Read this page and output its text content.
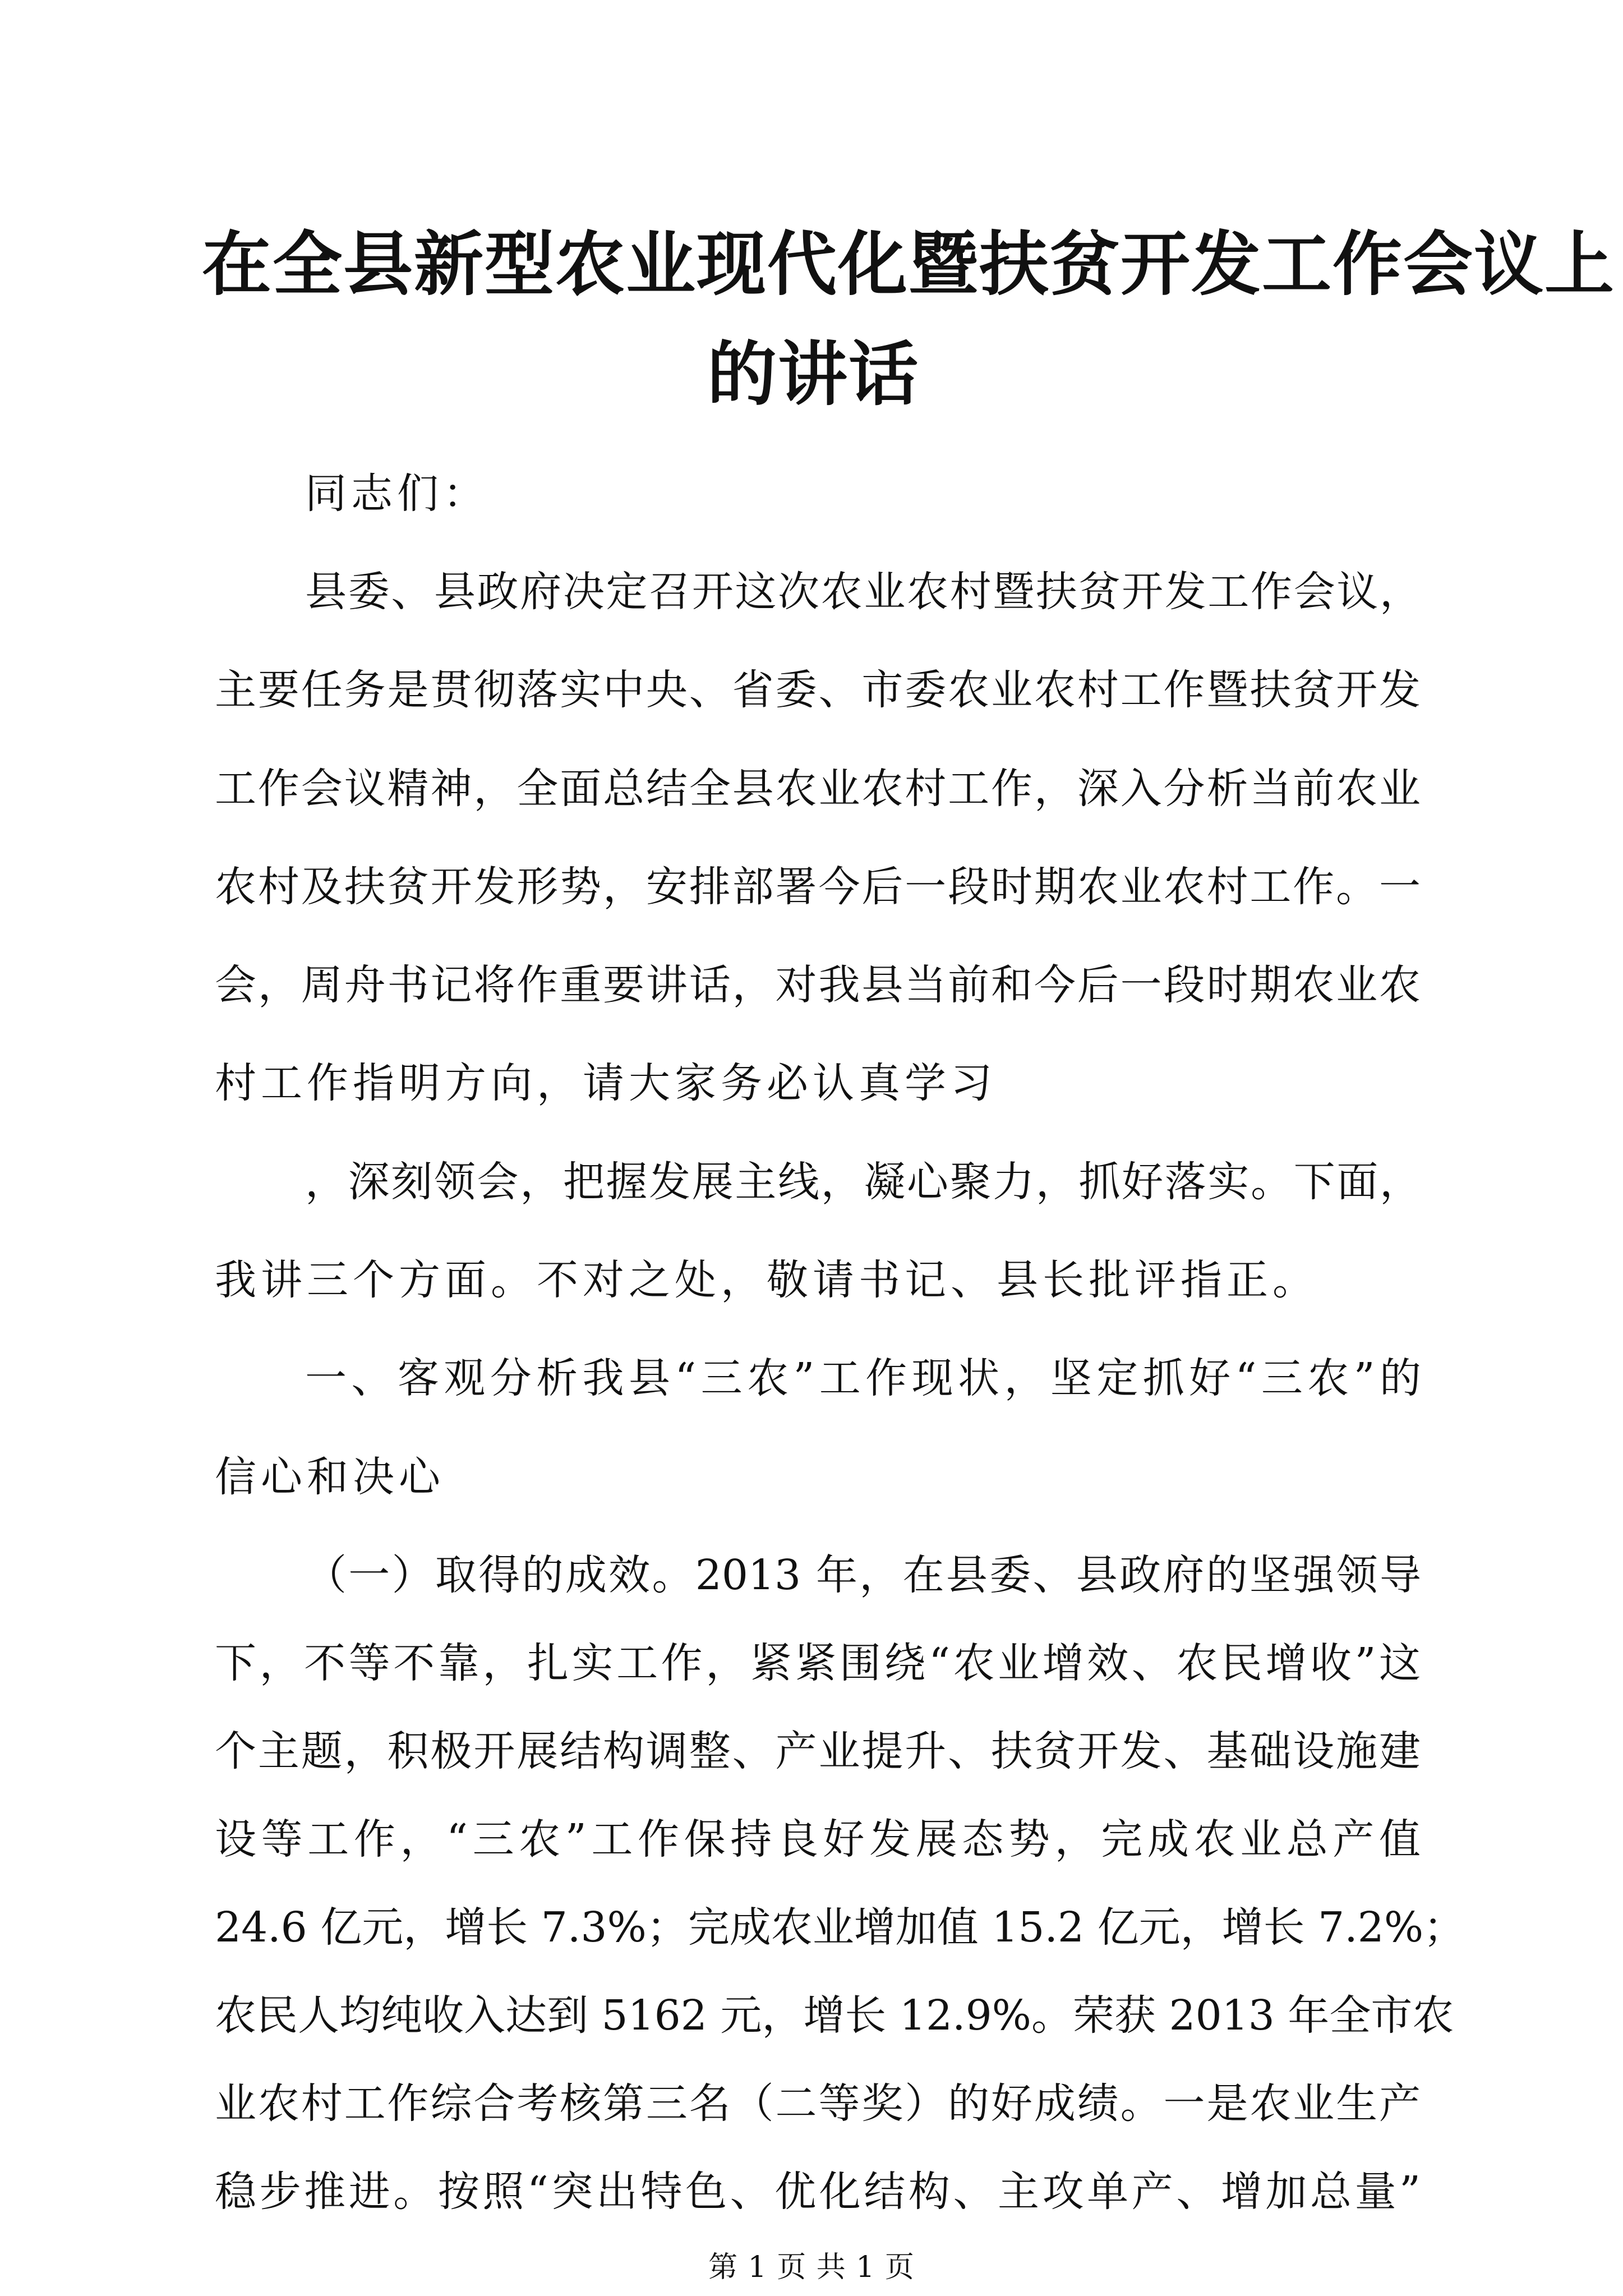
在全县新型农业现代化暨扶贫开发工作会议上
的讲话
同志们：
县委、县政府决定召开这次农业农村暨扶贫开发工作会议，
主要任务是贯彻落实中央、省委、市委农业农村工作暨扶贫开发
工作会议精神，全面总结全县农业农村工作，深入分析当前农业
农村及扶贫开发形势，安排部署今后一段时期农业农村工作。一
会，周舟书记将作重要讲话，对我县当前和今后一段时期农业农
村工作指明方向，请大家务必认真学习
，深刻领会，把握发展主线，凝心聚力，抓好落实。下面，
我讲三个方面。不对之处，敬请书记、县长批评指正。
一、客观分析我县“三农”工作现状，坚定抓好“三农”的
信心和决心
（一）取得的成效。2013 年，在县委、县政府的坚强领导
下，不等不靠，扎实工作，紧紧围绕“农业增效、农民增收”这
个主题，积极开展结构调整、产业提升、扶贫开发、基础设施建
设等工作，“三农”工作保持良好发展态势，完成农业总产值
24.6 亿元，增长 7.3%；完成农业增加值 15.2 亿元，增长 7.2%；
第 1 页 共 1 页
农民人均纯收入达到 5162 元，增长 12.9%。荣获 2013 年全市农
业农村工作综合考核第三名（二等奖）的好成绩。一是农业生产
稳步推进。按照“突出特色、优化结构、主攻单产、增加总量”
